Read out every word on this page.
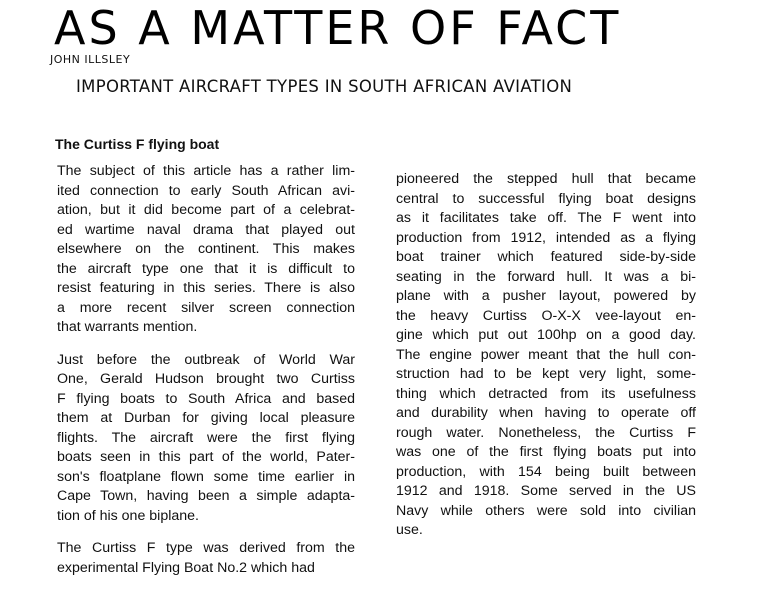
AS A MATTER OF FACT
JOHN ILLSLEY
IMPORTANT AIRCRAFT TYPES IN SOUTH AFRICAN AVIATION
The Curtiss F flying boat

The subject of this article has a rather lim-
ited connection to early South African avi-
ation, but it did become part of a celebrat-
ed wartime naval drama that played out
elsewhere on the continent. This makes
the aircraft type one that it is difficult to
resist featuring in this series. There is also
a more recent silver screen connection
that warrants mention.

Just before the outbreak of World War
One, Gerald Hudson brought two Curtiss
F flying boats to South Africa and based
them at Durban for giving local pleasure
flights. The aircraft were the first flying
boats seen in this part of the world, Pater-
son's floatplane flown some time earlier in
Cape Town, having been a simple adapta-
tion of his one biplane.

The Curtiss F type was derived from the
experimental Flying Boat No.2 which had

pioneered the stepped hull that became
central to successful flying boat designs
as it facilitates take off. The F went into
production from 1912, intended as a flying
boat trainer which featured side-by-side
seating in the forward hull. It was a bi-
plane with a pusher layout, powered by
the heavy Curtiss O-X-X vee-layout en-
gine which put out 100hp on a good day.
The engine power meant that the hull con-
struction had to be kept very light, some-
thing which detracted from its usefulness
and durability when having to operate off
rough water. Nonetheless, the Curtiss F
was one of the first flying boats put into
production, with 154 being built between
1912 and 1918. Some served in the US
Navy while others were sold into civilian
use.
